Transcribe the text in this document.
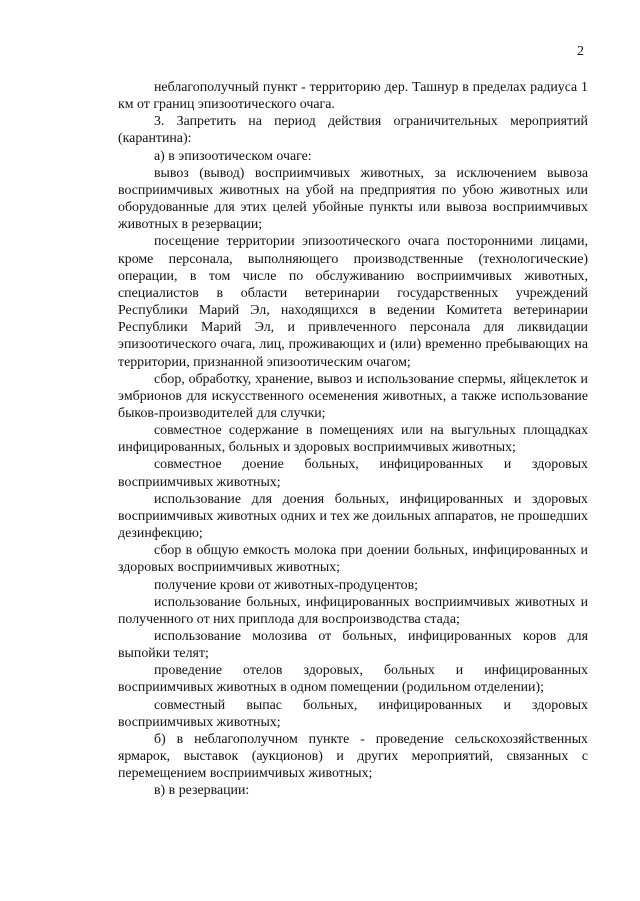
2

неблагополучный пункт - территорию дер. Ташнур в пределах радиуса 1 км от границ эпизоотического очага.

3. Запретить на период действия ограничительных мероприятий (карантина):

а) в эпизоотическом очаге:

вывоз (вывод) восприимчивых животных, за исключением вывоза восприимчивых животных на убой на предприятия по убою животных или оборудованные для этих целей убойные пункты или вывоза восприимчивых животных в резервации;

посещение территории эпизоотического очага посторонними лицами, кроме персонала, выполняющего производственные (технологические) операции, в том числе по обслуживанию восприимчивых животных, специалистов в области ветеринарии государственных учреждений Республики Марий Эл, находящихся в ведении Комитета ветеринарии Республики Марий Эл, и привлеченного персонала для ликвидации эпизоотического очага, лиц, проживающих и (или) временно пребывающих на территории, признанной эпизоотическим очагом;

сбор, обработку, хранение, вывоз и использование спермы, яйцеклеток и эмбрионов для искусственного осеменения животных, а также использование быков-производителей для случки;

совместное содержание в помещениях или на выгульных площадках инфицированных, больных и здоровых восприимчивых животных;

совместное доение больных, инфицированных и здоровых восприимчивых животных;

использование для доения больных, инфицированных и здоровых восприимчивых животных одних и тех же доильных аппаратов, не прошедших дезинфекцию;

сбор в общую емкость молока при доении больных, инфицированных и здоровых восприимчивых животных;

получение крови от животных-продуцентов;

использование больных, инфицированных восприимчивых животных и полученного от них приплода для воспроизводства стада;

использование молозива от больных, инфицированных коров для выпойки телят;

проведение отелов здоровых, больных и инфицированных восприимчивых животных в одном помещении (родильном отделении);

совместный выпас больных, инфицированных и здоровых восприимчивых животных;

б) в неблагополучном пункте - проведение сельскохозяйственных ярмарок, выставок (аукционов) и других мероприятий, связанных с перемещением восприимчивых животных;

в) в резервации:
